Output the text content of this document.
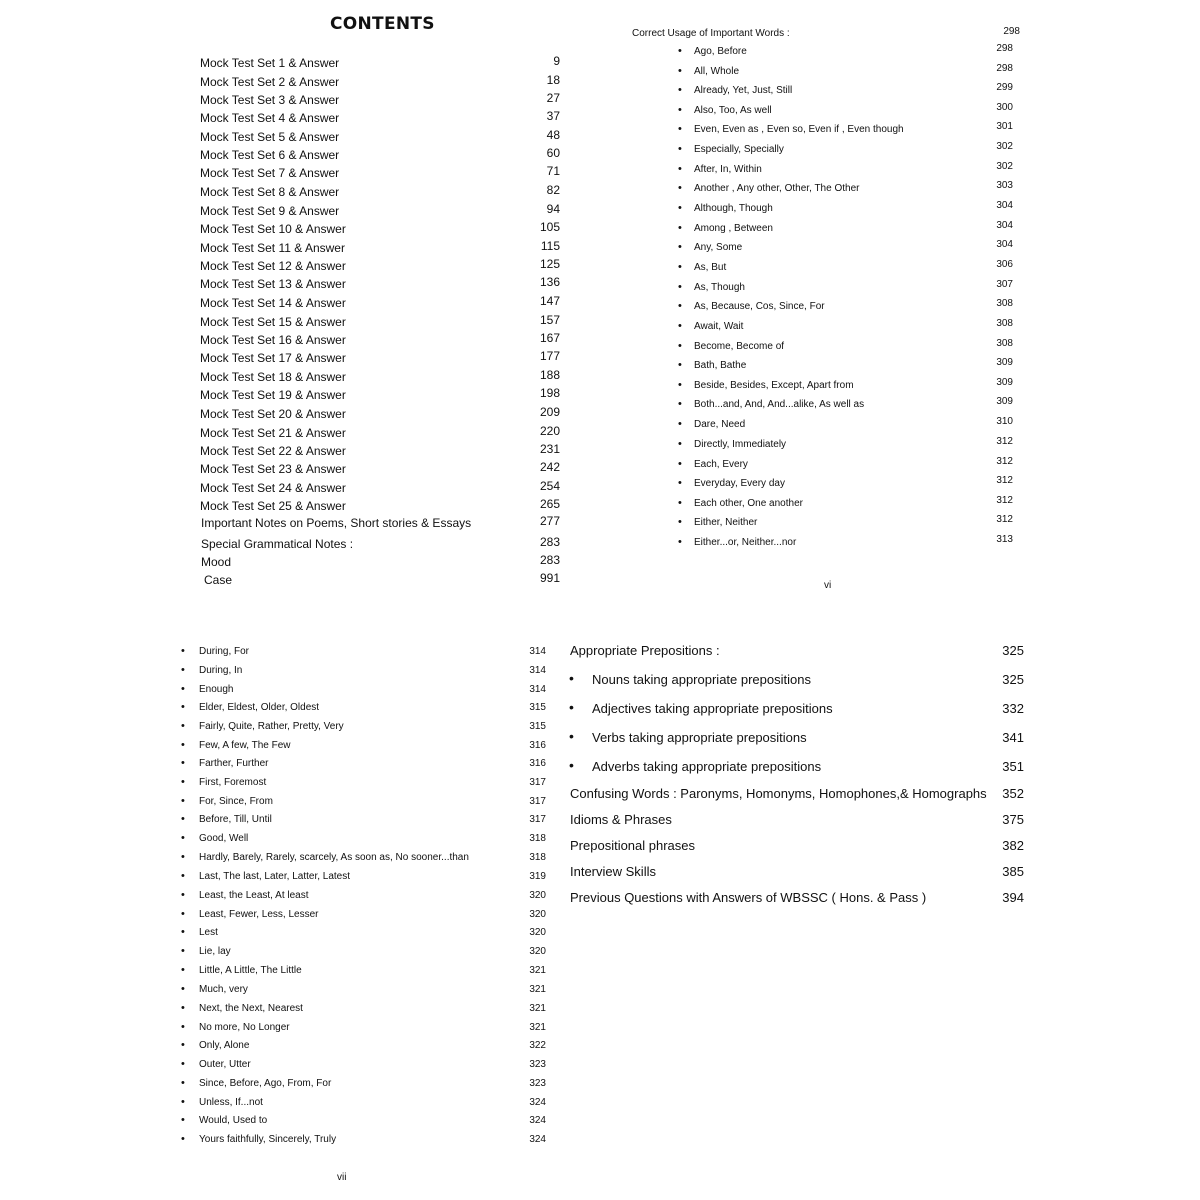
CONTENTS
Mock Test Set 1 & Answer	9
Mock Test Set 2 & Answer	18
Mock Test Set 3 & Answer	27
Mock Test Set 4 & Answer	37
Mock Test Set 5 & Answer	48
Mock Test Set 6 & Answer	60
Mock Test Set 7 & Answer	71
Mock Test Set 8 & Answer	82
Mock Test Set 9 & Answer	94
Mock Test Set 10 & Answer	105
Mock Test Set 11 & Answer	115
Mock Test Set 12 & Answer	125
Mock Test Set 13 & Answer	136
Mock Test Set 14 & Answer	147
Mock Test Set 15 & Answer	157
Mock Test Set 16 & Answer	167
Mock Test Set 17 & Answer	177
Mock Test Set 18 & Answer	188
Mock Test Set 19 & Answer	198
Mock Test Set 20 & Answer	209
Mock Test Set 21 & Answer	220
Mock Test Set 22 & Answer	231
Mock Test Set 23 & Answer	242
Mock Test Set 24 & Answer	254
Mock Test Set 25 & Answer	265
Important Notes on Poems, Short stories & Essays	277
Special Grammatical Notes :	283
Mood	283
Case	991
Correct Usage of Important Words :	298
• Ago, Before	298
• All, Whole	298
• Already, Yet, Just, Still	299
• Also, Too, As well	300
• Even, Even as , Even so, Even if , Even though	301
• Especially, Specially	302
• After, In, Within	302
• Another , Any other, Other, The Other	303
• Although, Though	304
• Among , Between	304
• Any, Some	304
• As, But	306
• As, Though	307
• As, Because, Cos, Since, For	308
• Await, Wait	308
• Become, Become of	308
• Bath, Bathe	309
• Beside, Besides, Except, Apart from	309
• Both...and, And, And...alike, As well as	309
• Dare, Need	310
• Directly, Immediately	312
• Each, Every	312
• Everyday, Every day	312
• Each other, One another	312
• Either, Neither	312
• Either...or, Neither...nor	313
vi
• During, For	314
• During, In	314
• Enough	314
• Elder, Eldest, Older, Oldest	315
• Fairly, Quite, Rather, Pretty, Very	315
• Few, A few, The Few	316
• Farther, Further	316
• First, Foremost	317
• For, Since, From	317
• Before, Till, Until	317
• Good, Well	318
• Hardly, Barely, Rarely, scarcely, As soon as, No sooner...than	318
• Last, The last, Later, Latter, Latest	319
• Least, the Least, At least	320
• Least, Fewer, Less, Lesser	320
• Lest	320
• Lie, lay	320
• Little, A Little, The Little	321
• Much, very	321
• Next, the Next, Nearest	321
• No more, No Longer	321
• Only, Alone	322
• Outer, Utter	323
• Since, Before, Ago, From, For	323
• Unless, If...not	324
• Would, Used to	324
• Yours faithfully, Sincerely, Truly	324
vii
Appropriate Prepositions :	325
• Nouns taking appropriate prepositions	325
• Adjectives taking appropriate prepositions	332
• Verbs taking appropriate prepositions	341
• Adverbs taking appropriate prepositions	351
Confusing Words : Paronyms, Homonyms, Homophones,& Homographs	352
Idioms & Phrases	375
Prepositional phrases	382
Interview Skills	385
Previous Questions with Answers of WBSSC ( Hons. & Pass )	394
